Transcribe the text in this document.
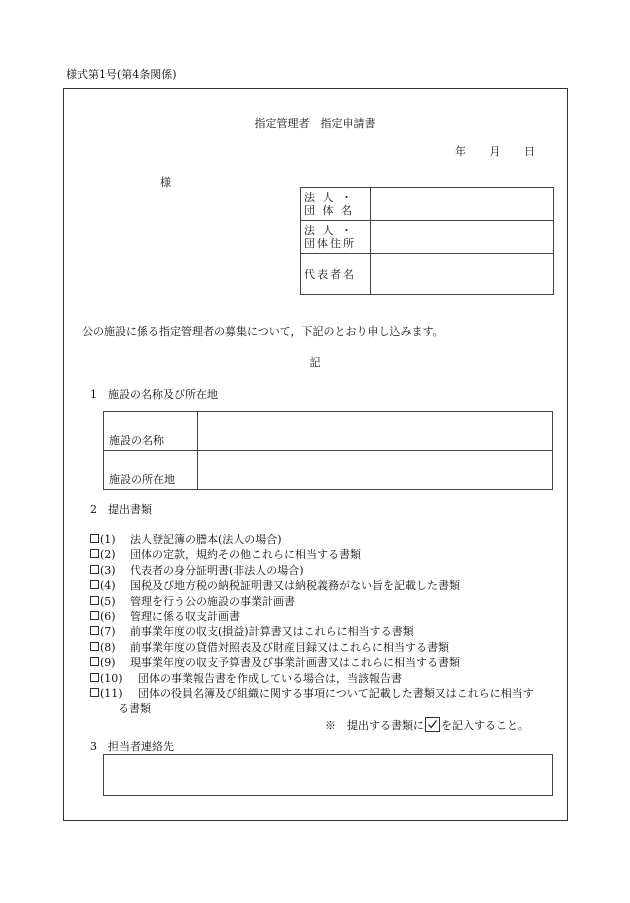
様式第1号(第4条関係)
指定管理者　指定申請書
年 月 日
様
法 人 ・
団 体 名	

法 人 ・
団体住所	

代表者名	

公の施設に係る指定管理者の募集について，下記のとおり申し込みます。
記
1　施設の名称及び所在地
施設の名称	
施設の所在地	
2　提出書類
(1)	法人登記簿の謄本(法人の場合)
(2)	団体の定款，規約その他これらに相当する書類
(3)	代表者の身分証明書(非法人の場合)
(4)	国税及び地方税の納税証明書又は納税義務がない旨を記載した書類
(5)	管理を行う公の施設の事業計画書
(6)	管理に係る収支計画書
(7)	前事業年度の収支(損益)計算書又はこれらに相当する書類
(8)	前事業年度の貸借対照表及び財産目録又はこれらに相当する書類
(9)	現事業年度の収支予算書及び事業計画書又はこれらに相当する書類
(10)	団体の事業報告書を作成している場合は，当該報告書
(11)	団体の役員名簿及び組織に関する事項について記載した書類又はこれらに相当す
る書類
※　提出する書類に を記入すること。
3　担当者連絡先
